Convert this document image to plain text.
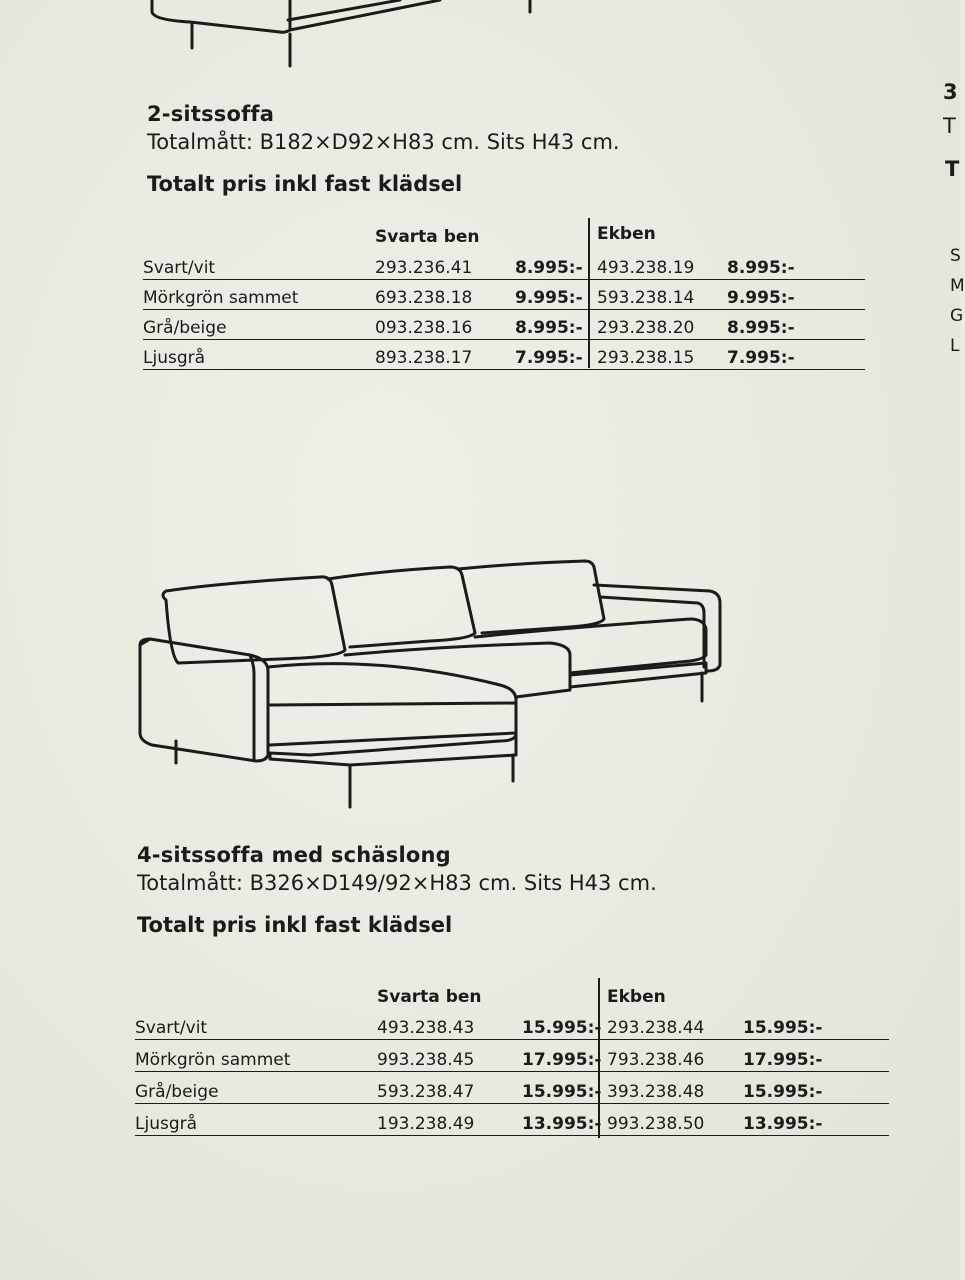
2-sitssoffa
Totalmått: B182×D92×H83 cm. Sits H43 cm.
Totalt pris inkl fast klädsel
Svarta ben	Ekben
Svart/vit	293.236.41	8.995:- 493.238.19 8.995:-
Mörkgrön sammet	693.238.18	9.995:- 593.238.14 9.995:-
Grå/beige	093.238.16	8.995:- 293.238.20 8.995:-
Ljusgrå	893.238.17	7.995:- 293.238.15 7.995:-
3
T
T
S
M
G
L
4-sitssoffa med schäslong
Totalmått: B326×D149/92×H83 cm. Sits H43 cm.
Totalt pris inkl fast klädsel
Svarta ben	Ekben
Svart/vit	493.238.43	15.995:- 293.238.44 15.995:-
Mörkgrön sammet	993.238.45	17.995:- 793.238.46 17.995:-
Grå/beige	593.238.47	15.995:- 393.238.48 15.995:-
Ljusgrå	193.238.49	13.995:- 993.238.50 13.995:-
